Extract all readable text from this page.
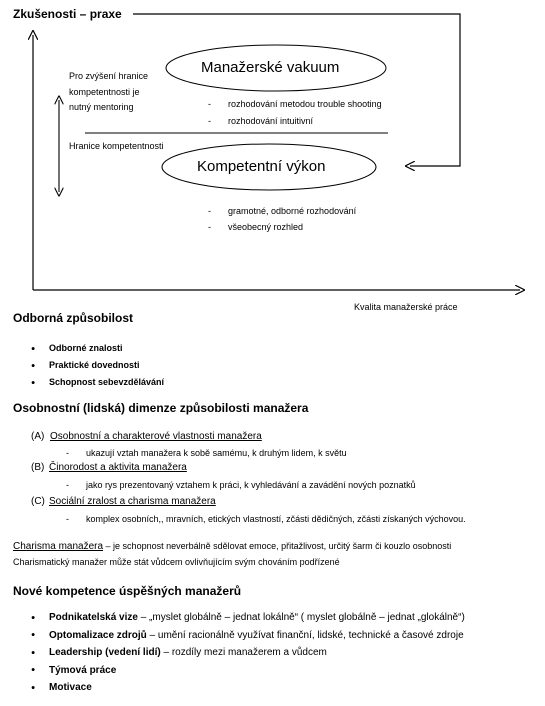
Zkušenosti – praxe
Kvalita manažerské práce
Pro zvýšení hranice
kompetentnosti je
nutný mentoring
Hranice kompetentnosti
Manažerské vakuum
Kompetentní výkon
- rozhodování metodou trouble shooting
- rozhodování intuitivní
- gramotné, odborné rozhodování
- všeobecný rozhled
Odborná způsobilost
● Odborné znalosti
● Praktické dovednosti
● Schopnost sebevzdělávání
Osobnostní (lidská) dimenze způsobilosti manažera
(A) Osobnostní a charakterové vlastnosti manažera
- ukazují vztah manažera k sobě samému, k druhým lidem, k světu
(B) Činorodost a aktivita manažera
- jako rys prezentovaný vztahem k práci, k vyhledávání a zavádění nových poznatků
(C) Sociální zralost a charisma manažera
- komplex osobních,, mravních, etických vlastností, zčásti dědičných, zčásti získaných výchovou.
Charisma manažera – je schopnost neverbálně sdělovat emoce, přitažlivost, určitý šarm či kouzlo osobnosti
Charismatický manažer může stát vůdcem ovlivňujícím svým chováním podřízené
Nové kompetence úspěšných manažerů
● Podnikatelská vize – „myslet globálně – jednat lokálně“ ( myslet globálně – jednat „glokálně“)
● Optomalizace zdrojů – umění racionálně využívat finanční, lidské, technické a časové zdroje
● Leadership (vedení lidí) – rozdíly mezi manažerem a vůdcem
● Týmová práce
● Motivace
